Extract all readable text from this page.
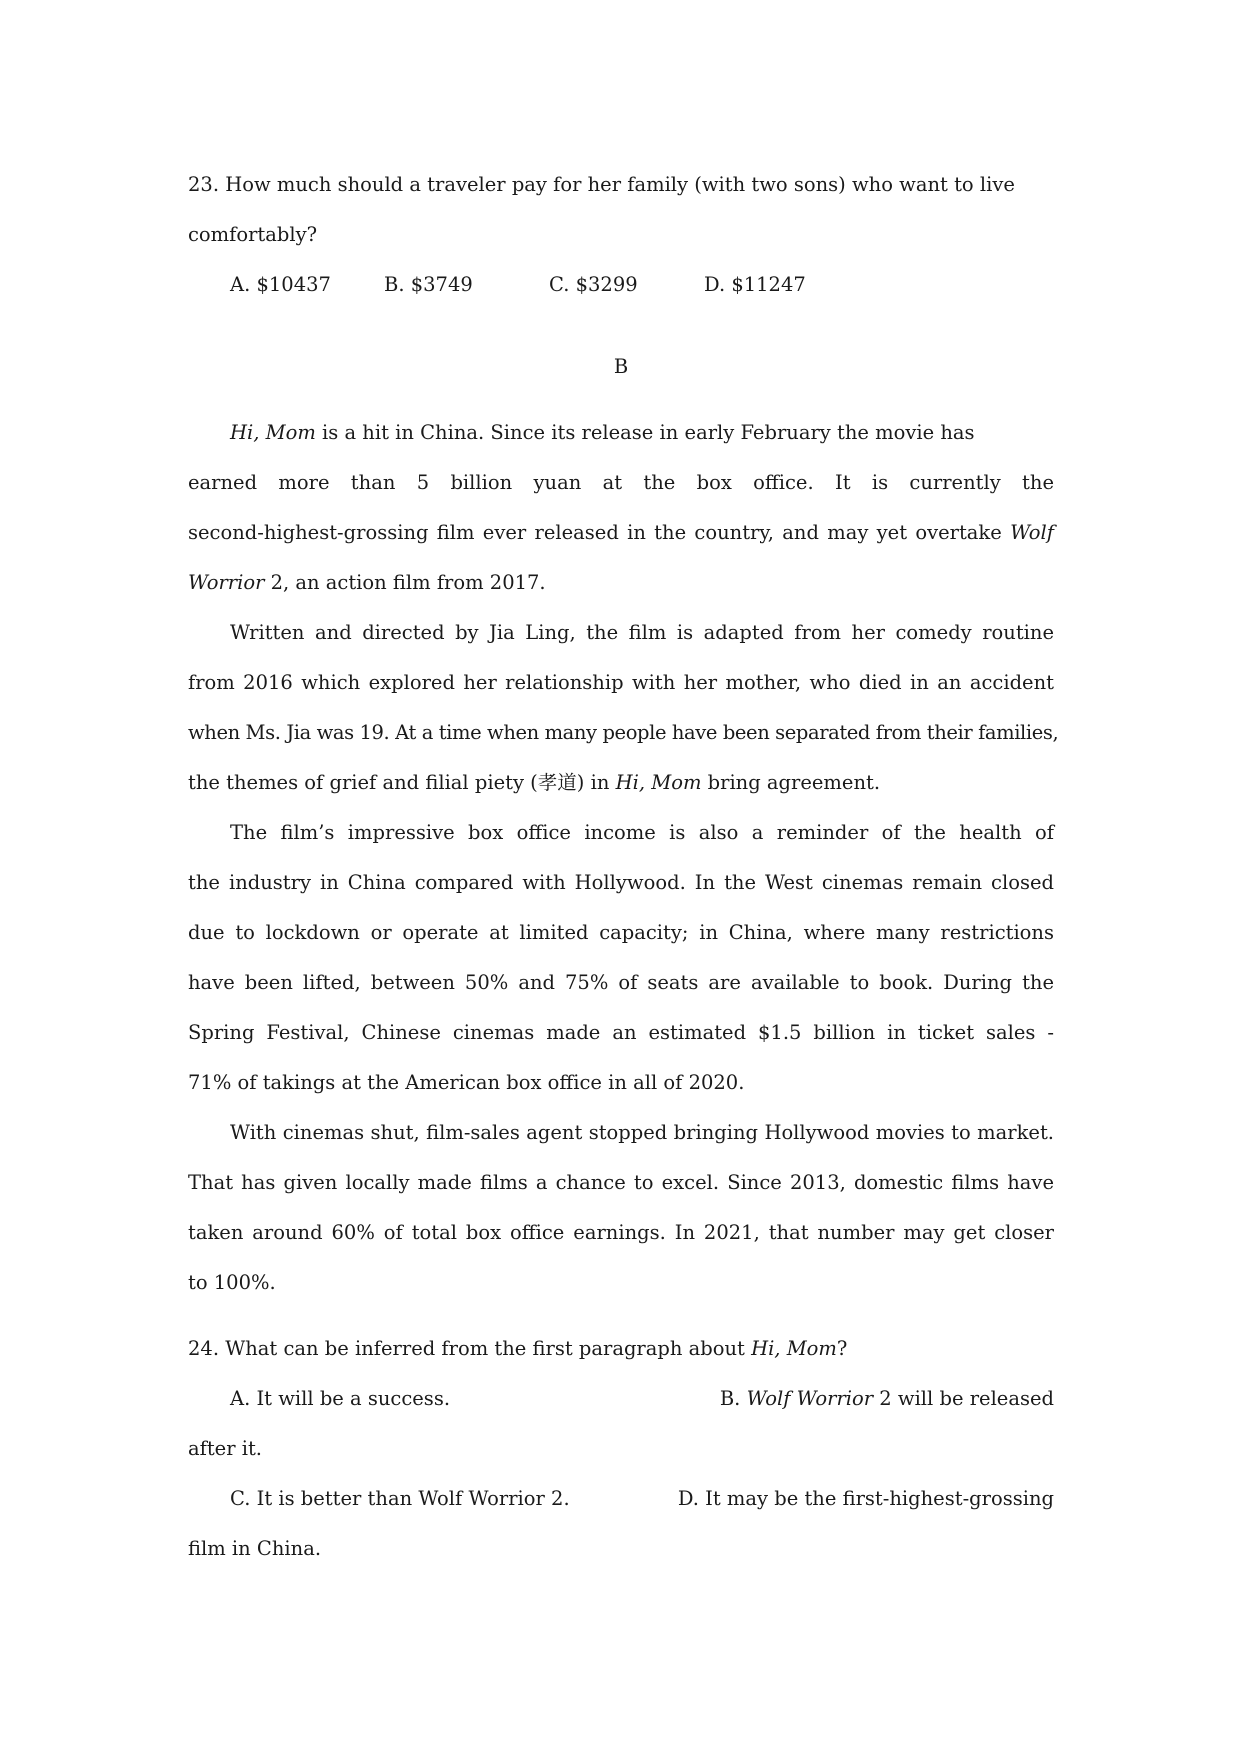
23. How much should a traveler pay for her family (with two sons) who want to live
comfortably?
A. $10437	B. $3749	C. $3299	D. $11247
B
Hi, Mom is a hit in China. Since its release in early February the movie has
earned more than 5 billion yuan at the box office. It is currently the
second-highest-grossing film ever released in the country, and may yet overtake Wolf
Worrior 2, an action film from 2017.
Written and directed by Jia Ling, the film is adapted from her comedy routine
from 2016 which explored her relationship with her mother, who died in an accident
when Ms. Jia was 19. At a time when many people have been separated from their families,
the themes of grief and filial piety (孝道) in Hi, Mom bring agreement.
The film’s impressive box office income is also a reminder of the health of
the industry in China compared with Hollywood. In the West cinemas remain closed
due to lockdown or operate at limited capacity; in China, where many restrictions
have been lifted, between 50% and 75% of seats are available to book. During the
Spring Festival, Chinese cinemas made an estimated $1.5 billion in ticket sales -
71% of takings at the American box office in all of 2020.
With cinemas shut, film-sales agent stopped bringing Hollywood movies to market.
That has given locally made films a chance to excel. Since 2013, domestic films have
taken around 60% of total box office earnings. In 2021, that number may get closer
to 100%.
24. What can be inferred from the first paragraph about Hi, Mom?
A. It will be a success.	B. Wolf Worrior 2 will be released
after it.
C. It is better than Wolf Worrior 2.	D. It may be the first-highest-grossing
film in China.
